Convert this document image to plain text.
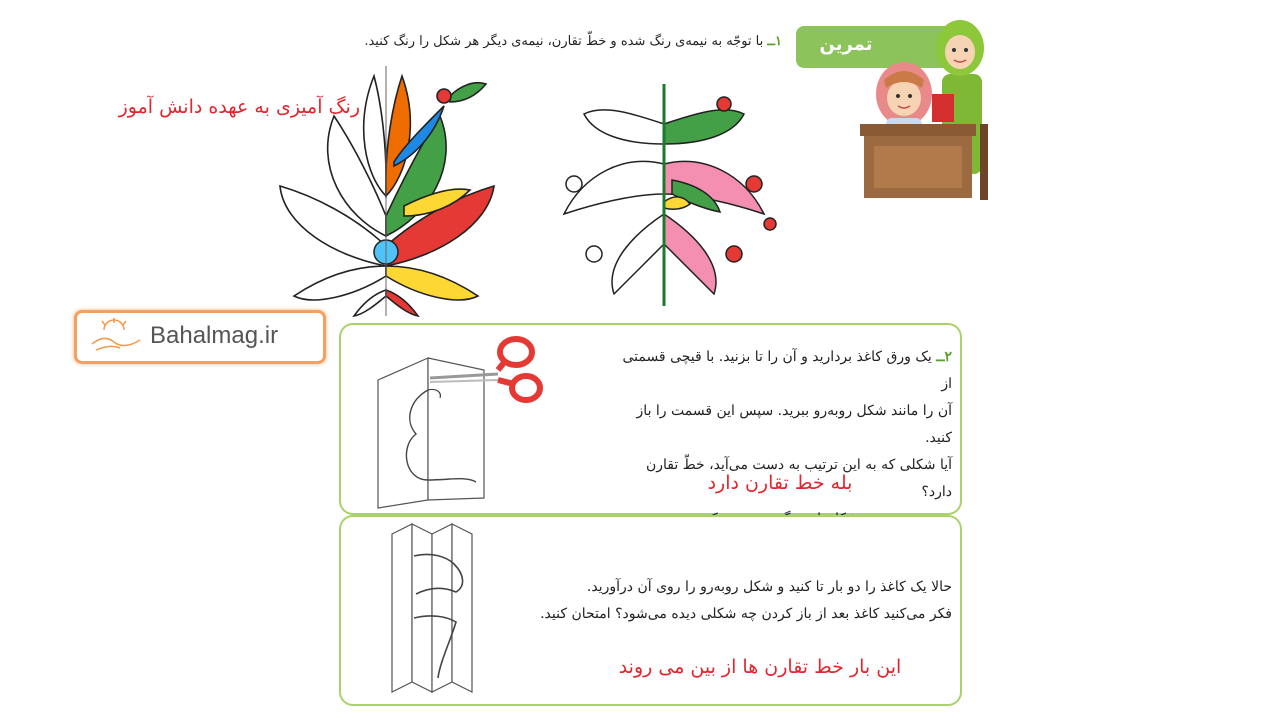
تمرین
۱ــ با توجّه به نیمه‌ی رنگ شده و خطّ تقارن، نیمه‌ی دیگر هر شکل را رنگ کنید.
رنگ آمیزی به عهده دانش آموز
Bahalmag.ir
۲ــ یک ورق کاغذ بردارید و آن را تا بزنید. با قیچی قسمتی از
آن را مانند شکل روبه‌رو ببرید. سپس این قسمت را باز کنید.
آیا شکلی که به این ترتیب به دست می‌آید، خطّ تقارن دارد؟
بله خط تقارن دارد
حالا یک کاغذ را دو بار تا کنید و شکل روبه‌رو را روی آن درآورید.
فکر می‌کنید کاغذ بعد از باز کردن چه شکلی دیده می‌شود؟ امتحان کنید.
این بار خط تقارن ها از بین می روند
